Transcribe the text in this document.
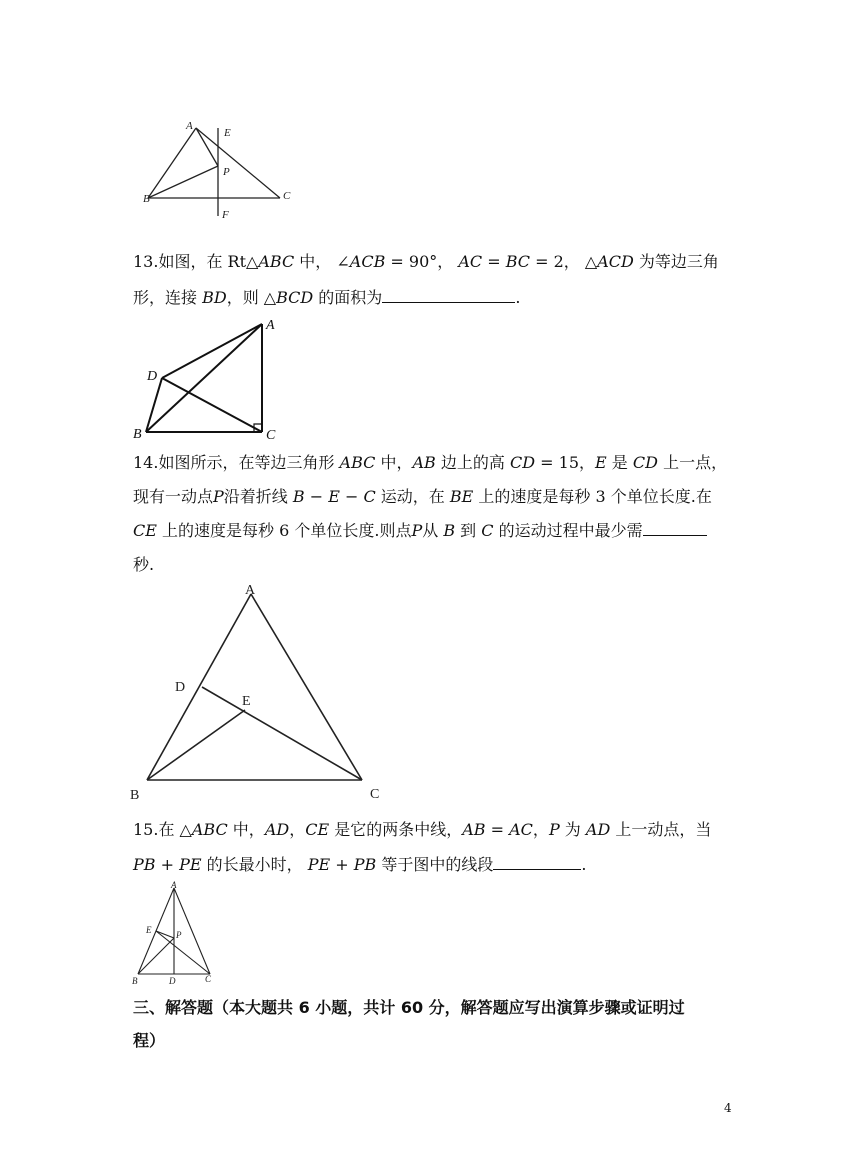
A
E
P
B	C
F
13.如图，在 Rt△ABC 中， ∠ACB = 90°， AC = BC = 2， △ACD 为等边三角
形，连接 BD，则 △BCD 的面积为	.
A
D
B	C
14.如图所示，在等边三角形 ABC 中，AB 边上的高 CD = 15，E 是 CD 上一点，
现有一动点P沿着折线 B − E − C 运动，在 BE 上的速度是每秒 3 个单位长度.在
CE 上的速度是每秒 6 个单位长度.则点P从 B 到 C 的运动过程中最少需
秒.
A
D
E
B	C
15.在 △ABC 中，AD，CE 是它的两条中线，AB = AC，P 为 AD 上一动点，当
PB + PE 的长最小时， PE + PB 等于图中的线段	.
A
E	P
B	D	C
三、解答题（本大题共 6 小题，共计 60 分，解答题应写出演算步骤或证明过
程）
4
